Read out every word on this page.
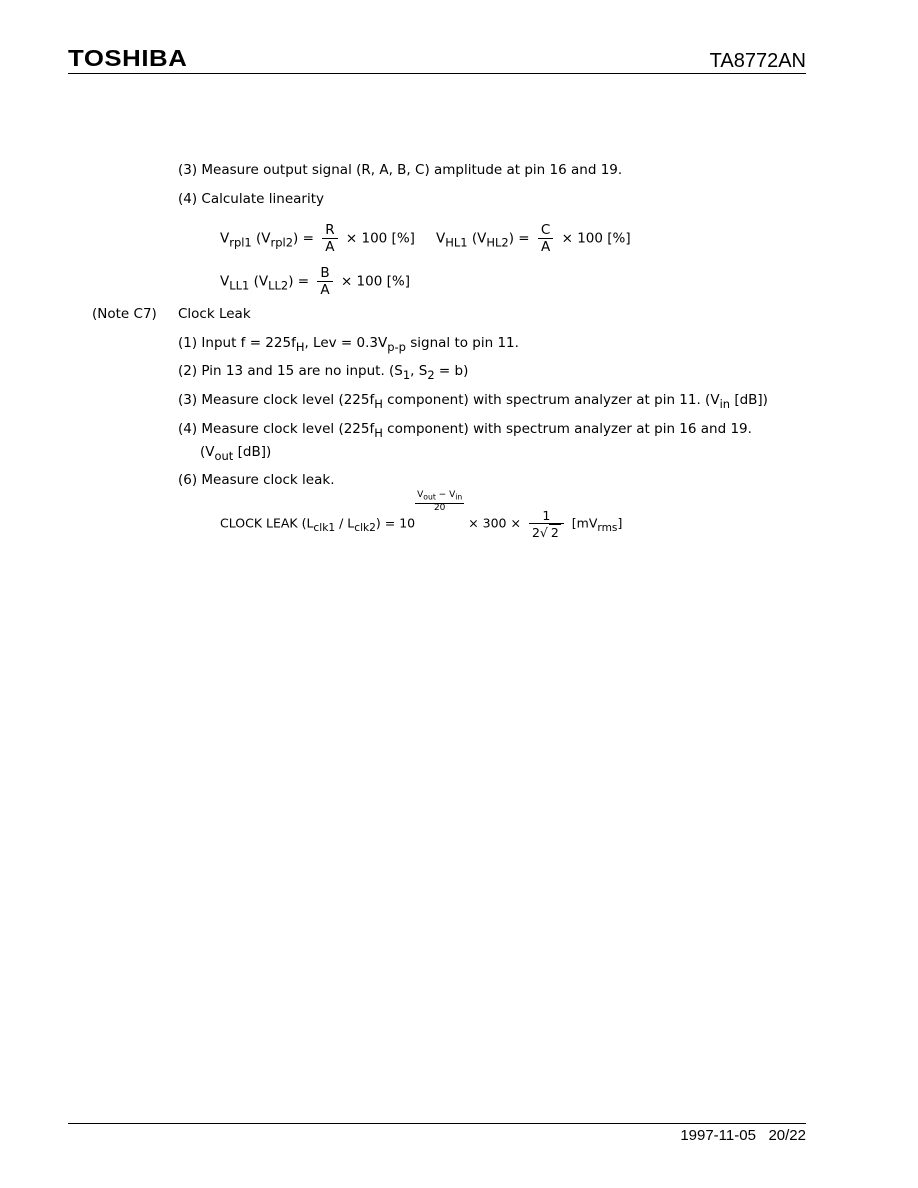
TOSHIBA	TA8772AN
(3) Measure output signal (R, A, B, C) amplitude at pin 16 and 19.
(4) Calculate linearity
$V_{rpl1}$ $(V_{rpl2}) = \frac{R}{A} \times 100$ [%] $V_{HL1}$ $(V_{HL2}) = \frac{C}{A} \times 100$ [%]
$V_{LL1}$ $(V_{LL2}) = \frac{B}{A} \times 100$ [%]
(Note C7) Clock Leak
(1) Input $f = 225f_H$, Lev = $0.3V_{p-p}$ signal to pin 11.
(2) Pin 13 and 15 are no input. ($S_1$, $S_2 = b$)
(3) Measure clock level ($225f_H$ component) with spectrum analyzer at pin 11. ($V_{in}$ [dB])
(4) Measure clock level ($225f_H$ component) with spectrum analyzer at pin 16 and 19.
($V_{out}$ [dB])
(6) Measure clock leak.
CLOCK LEAK $(L_{clk1} / L_{clk2}) = 10$
Vout − Vin
20
× $300 \times \frac{1}{2√ 2} [mV_{rms}]$
1997-11-05 20/22
